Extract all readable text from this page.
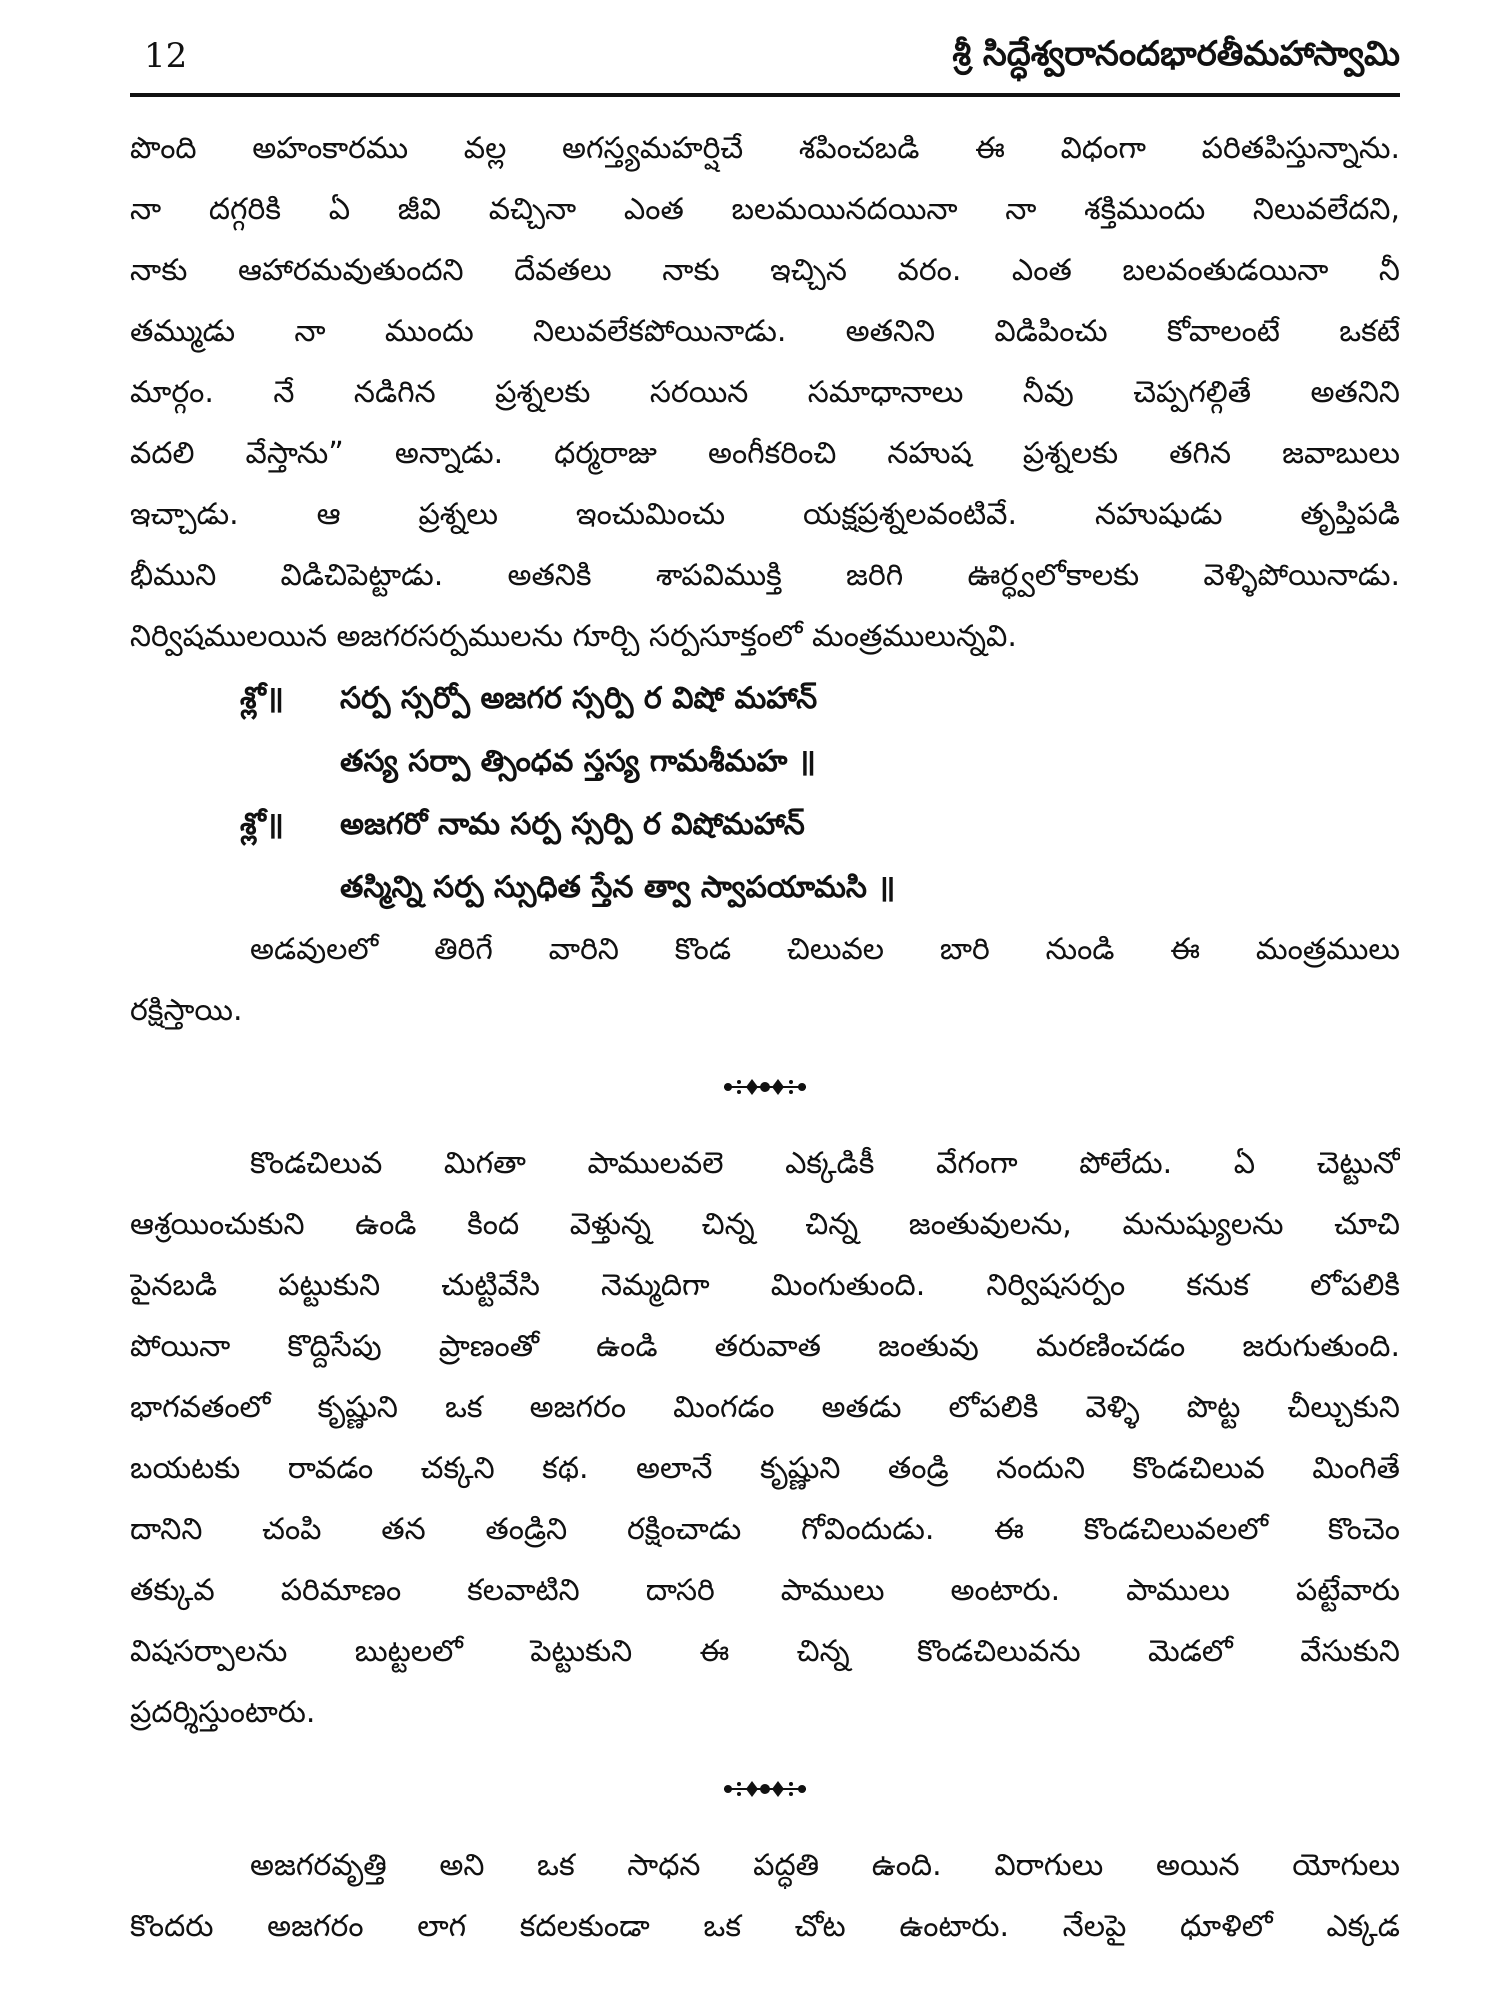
12	శ్రీ సిద్ధేశ్వరానందభారతీమహాస్వామి
పొంది అహంకారము వల్ల అగస్త్యమహర్షిచే శపించబడి ఈ విధంగా పరితపిస్తున్నాను.
నా దగ్గరికి ఏ జీవి వచ్చినా ఎంత బలమయినదయినా నా శక్తిముందు నిలువలేదని,
నాకు ఆహారమవుతుందని దేవతలు నాకు ఇచ్చిన వరం. ఎంత బలవంతుడయినా నీ
తమ్ముడు నా ముందు నిలువలేకపోయినాడు. అతనిని విడిపించు కోవాలంటే ఒకటే
మార్గం. నే నడిగిన ప్రశ్నలకు సరయిన సమాధానాలు నీవు చెప్పగల్గితే అతనిని
వదలి వేస్తాను” అన్నాడు. ధర్మరాజు అంగీకరించి నహుష ప్రశ్నలకు తగిన జవాబులు
ఇచ్చాడు. ఆ ప్రశ్నలు ఇంచుమించు యక్షప్రశ్నలవంటివే. నహుషుడు తృప్తిపడి
భీముని విడిచిపెట్టాడు. అతనికి శాపవిముక్తి జరిగి ఊర్ధ్వలోకాలకు వెళ్ళిపోయినాడు.
నిర్విషములయిన అజగరసర్పములను గూర్చి సర్పసూక్తంలో మంత్రములున్నవి.
శ్లో॥ సర్ప స్సర్పో అజగర స్సర్పి ర విషో మహాన్
తస్య సర్పా త్సింధవ స్తస్య గామశీమహ ॥
శ్లో॥ అజగరో నామ సర్ప స్సర్పి ర విషోమహాన్
తస్మిన్ని సర్ప స్సుధిత స్తేన త్వా స్వాపయామసి ॥
అడవులలో తిరిగే వారిని కొండ చిలువల బారి నుండి ఈ మంత్రములు
రక్షిస్తాయి.
కొండచిలువ మిగతా పాములవలె ఎక్కడికీ వేగంగా పోలేదు. ఏ చెట్టునో
ఆశ్రయించుకుని ఉండి కింద వెళ్తున్న చిన్న చిన్న జంతువులను, మనుష్యులను చూచి
పైనబడి పట్టుకుని చుట్టివేసి నెమ్మదిగా మింగుతుంది. నిర్విషసర్పం కనుక లోపలికి
పోయినా కొద్దిసేపు ప్రాణంతో ఉండి తరువాత జంతువు మరణించడం జరుగుతుంది.
భాగవతంలో కృష్ణుని ఒక అజగరం మింగడం అతడు లోపలికి వెళ్ళి పొట్ట చీల్చుకుని
బయటకు రావడం చక్కని కథ. అలానే కృష్ణుని తండ్రి నందుని కొండచిలువ మింగితే
దానిని చంపి తన తండ్రిని రక్షించాడు గోవిందుడు. ఈ కొండచిలువలలో కొంచెం
తక్కువ పరిమాణం కలవాటిని దాసరి పాములు అంటారు. పాములు పట్టేవారు
విషసర్పాలను బుట్టలలో పెట్టుకుని ఈ చిన్న కొండచిలువను మెడలో వేసుకుని
ప్రదర్శిస్తుంటారు.
అజగరవృత్తి అని ఒక సాధన పద్ధతి ఉంది. విరాగులు అయిన యోగులు
కొందరు అజగరం లాగ కదలకుండా ఒక చోట ఉంటారు. నేలపై ధూళిలో ఎక్కడ
